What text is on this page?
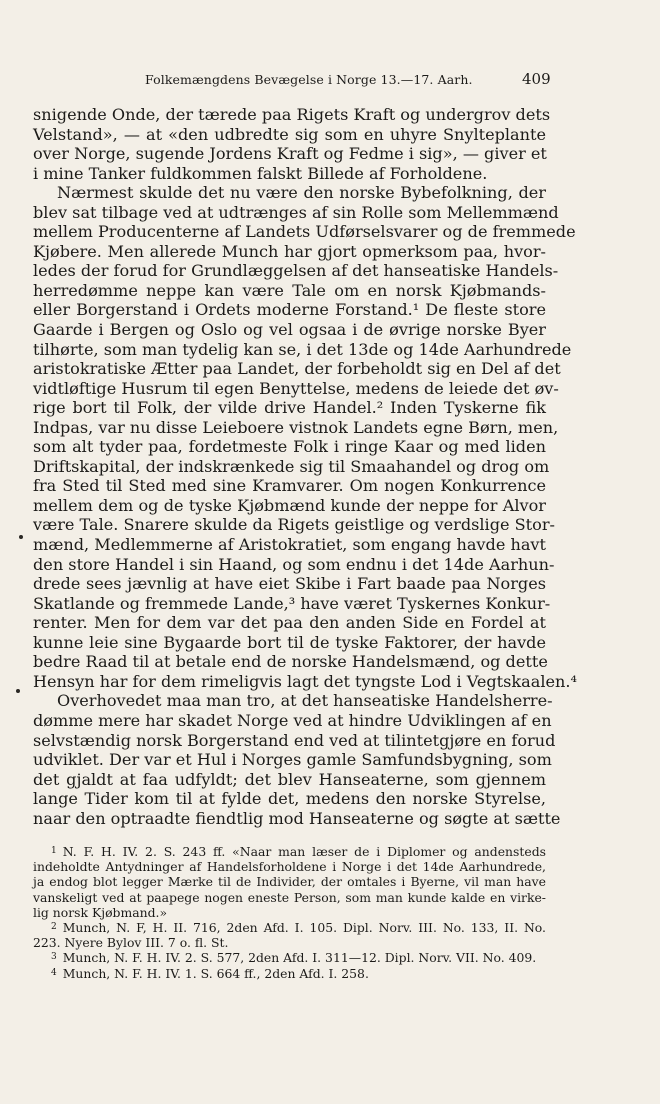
Folkemængdens Bevægelse i Norge 13.—17. Aarh.	409
snigende Onde, der tærede paa Rigets Kraft og undergrov dets
Velstand», — at «den udbredte sig som en uhyre Snylteplante
over Norge, sugende Jordens Kraft og Fedme i sig», — giver et
i mine Tanker fuldkommen falskt Billede af Forholdene.
Nærmest skulde det nu være den norske Bybefolkning, der
blev sat tilbage ved at udtrænges af sin Rolle som Mellemmænd
mellem Producenterne af Landets Udførselsvarer og de fremmede
Kjøbere. Men allerede Munch har gjort opmerksom paa, hvor-
ledes der forud for Grundlæggelsen af det hanseatiske Handels-
herredømme neppe kan være Tale om en norsk Kjøbmands-
eller Borgerstand i Ordets moderne Forstand.¹ De fleste store
Gaarde i Bergen og Oslo og vel ogsaa i de øvrige norske Byer
tilhørte, som man tydelig kan se, i det 13de og 14de Aarhundrede
aristokratiske Ætter paa Landet, der forbeholdt sig en Del af det
vidtløftige Husrum til egen Benyttelse, medens de leiede det øv-
rige bort til Folk, der vilde drive Handel.² Inden Tyskerne fik
Indpas, var nu disse Leieboere vistnok Landets egne Børn, men,
som alt tyder paa, fordetmeste Folk i ringe Kaar og med liden
Driftskapital, der indskrænkede sig til Smaahandel og drog om
fra Sted til Sted med sine Kramvarer. Om nogen Konkurrence
mellem dem og de tyske Kjøbmænd kunde der neppe for Alvor
være Tale. Snarere skulde da Rigets geistlige og verdslige Stor-
mænd, Medlemmerne af Aristokratiet, som engang havde havt
den store Handel i sin Haand, og som endnu i det 14de Aarhun-
drede sees jævnlig at have eiet Skibe i Fart baade paa Norges
Skatlande og fremmede Lande,³ have været Tyskernes Konkur-
renter. Men for dem var det paa den anden Side en Fordel at
kunne leie sine Bygaarde bort til de tyske Faktorer, der havde
bedre Raad til at betale end de norske Handelsmænd, og dette
Hensyn har for dem rimeligvis lagt det tyngste Lod i Vegtskaalen.⁴
Overhovedet maa man tro, at det hanseatiske Handelsherre-
dømme mere har skadet Norge ved at hindre Udviklingen af en
selvstændig norsk Borgerstand end ved at tilintetgjøre en forud
udviklet. Der var et Hul i Norges gamle Samfundsbygning, som
det gjaldt at faa udfyldt; det blev Hanseaterne, som gjennem
lange Tider kom til at fylde det, medens den norske Styrelse,
naar den optraadte fiendtlig mod Hanseaterne og søgte at sætte
$^1$ N. F. H. IV. 2. S. 243 ff. «Naar man læser de i Diplomer og andensteds
indeholdte Antydninger af Handelsforholdene i Norge i det 14de Aarhundrede,
ja endog blot legger Mærke til de Individer, der omtales i Byerne, vil man have
vanskeligt ved at paapege nogen eneste Person, som man kunde kalde en virke-
lig norsk Kjøbmand.»
$^2$ Munch, N. F, H. II. 716, 2den Afd. I. 105. Dipl. Norv. III. No. 133, II. No.
223. Nyere Bylov III. 7 o. fl. St.
$^3$ Munch, N. F. H. IV. 2. S. 577, 2den Afd. I. 311—12. Dipl. Norv. VII. No. 409.
$^4$ Munch, N. F. H. IV. 1. S. 664 ff., 2den Afd. I. 258.
